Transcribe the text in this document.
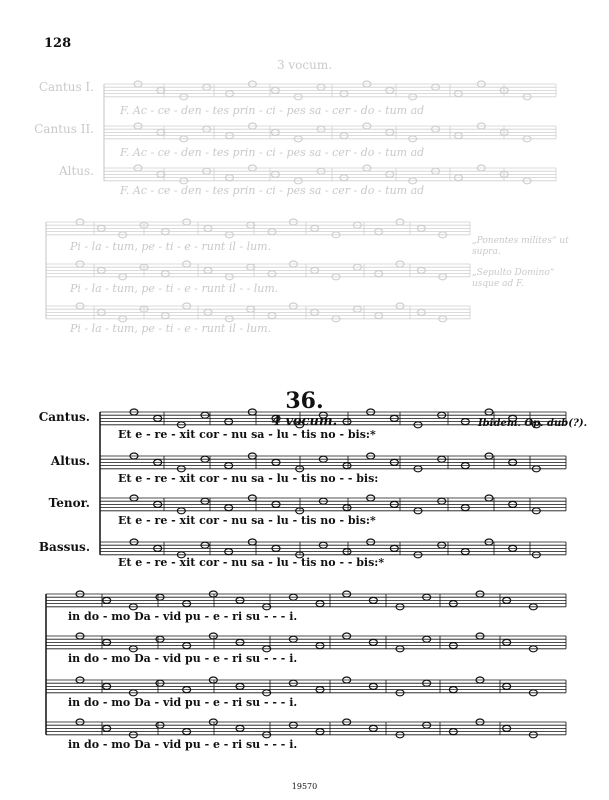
128
3 vocum.
Cantus I.
Cantus II.
Altus.
F. Ac - ce - den - tes prin - ci - pes sa - cer - do - tum ad
F. Ac - ce - den - tes prin - ci - pes sa - cer - do - tum ad
F. Ac - ce - den - tes prin - ci - pes sa - cer - do - tum ad
Pi - la - tum, pe - ti - e - runt il - lum.
Pi - la - tum, pe - ti - e - runt il - - lum.
Pi - la - tum, pe - ti - e - runt il - lum.
„Ponentes milites“ ut supra.
„Sepulto Domino“ usque ad F.
36.
4 vocum.	Ibidem. Op. dub(?).
Cantus.
Altus.
Tenor.
Bassus.
Et e - re - xit cor - nu sa - lu - tis no - bis:*
Et e - re - xit cor - nu sa - lu - tis no - - bis:
Et e - re - xit cor - nu sa - lu - tis no - bis:*
Et e - re - xit cor - nu sa - lu - tis no - - bis:*
in do - mo Da - vid pu - e - ri su - - - i.
in do - mo Da - vid pu - e - ri su - - - i.
in do - mo Da - vid pu - e - ri su - - - i.
in do - mo Da - vid pu - e - ri su - - - i.
19570
